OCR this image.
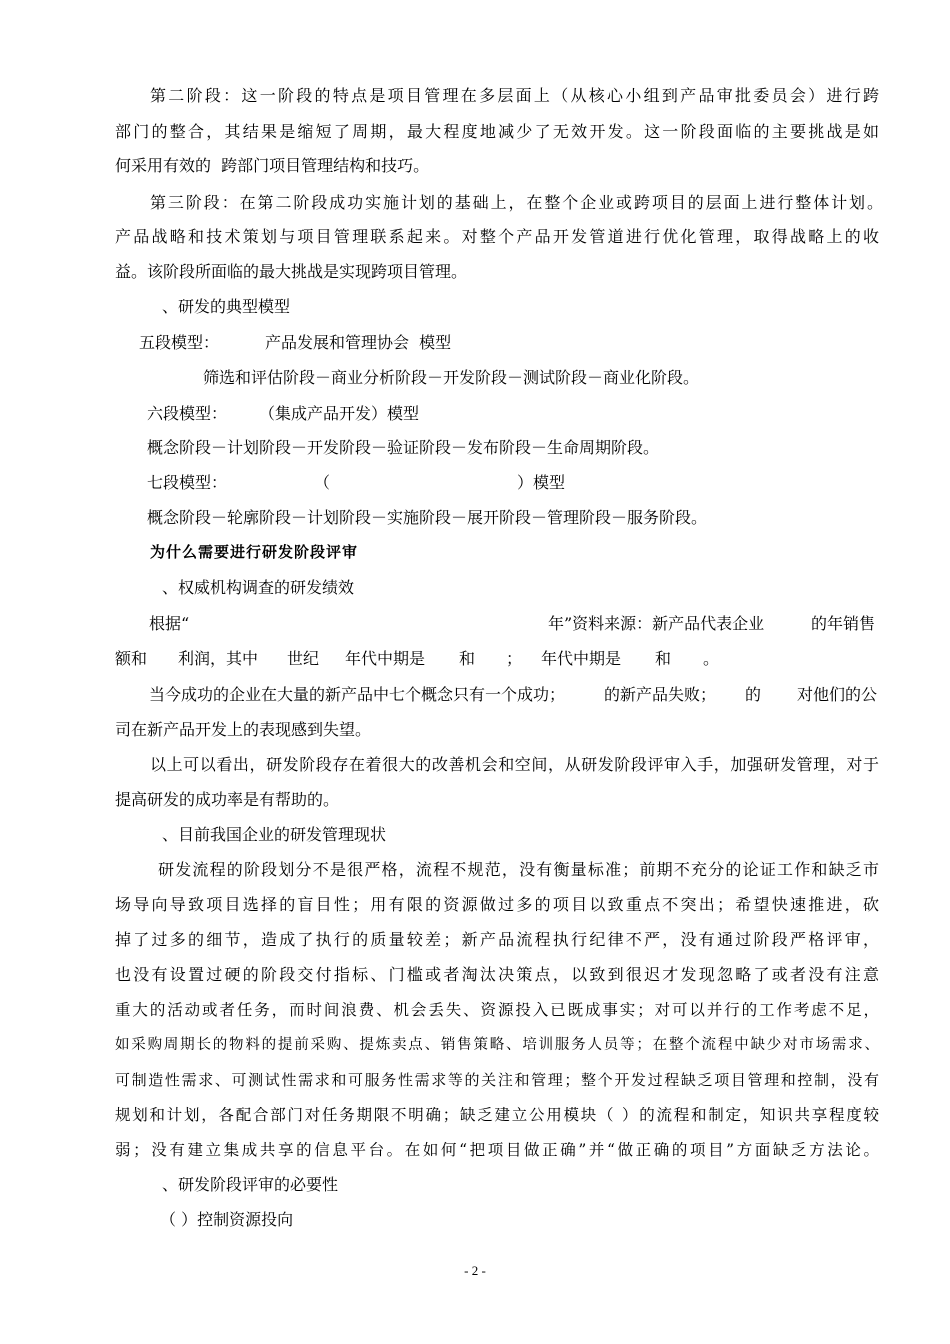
第二阶段：这一阶段的特点是项目管理在多层面上（从核心小组到产品审批委员会）进行跨
部门的整合，其结果是缩短了周期，最大程度地减少了无效开发。这一阶段面临的主要挑战是如
何采用有效的  跨部门项目管理结构和技巧。
第三阶段：在第二阶段成功实施计划的基础上，在整个企业或跨项目的层面上进行整体计划。
产品战略和技术策划与项目管理联系起来。对整个产品开发管道进行优化管理，取得战略上的收
益。该阶段所面临的最大挑战是实现跨项目管理。
、研发的典型模型
五段模型：	产品发展和管理协会  模型
筛选和评估阶段－商业分析阶段－开发阶段－测试阶段－商业化阶段。
六段模型： （集成产品开发）模型
概念阶段－计划阶段－开发阶段－验证阶段－发布阶段－生命周期阶段。
七段模型：	（	）模型
概念阶段－轮廓阶段－计划阶段－实施阶段－展开阶段－管理阶段－服务阶段。
为什么需要进行研发阶段评审
、权威机构调查的研发绩效
根据“	年”资料来源：新产品代表企业	的年销售
额和 利润，其中 世纪 年代中期是 和 ； 年代中期是 和 。
当今成功的企业在大量的新产品中七个概念只有一个成功； 的新产品失败； 的 对他们的公
司在新产品开发上的表现感到失望。
以上可以看出，研发阶段存在着很大的改善机会和空间，从研发阶段评审入手，加强研发管理，对于
提高研发的成功率是有帮助的。
、目前我国企业的研发管理现状
研发流程的阶段划分不是很严格，流程不规范，没有衡量标准；前期不充分的论证工作和缺乏市
场导向导致项目选择的盲目性；用有限的资源做过多的项目以致重点不突出；希望快速推进，砍
掉了过多的细节，造成了执行的质量较差；新产品流程执行纪律不严，没有通过阶段严格评审，
也没有设置过硬的阶段交付指标、门槛或者淘汰决策点，以致到很迟才发现忽略了或者没有注意
重大的活动或者任务，而时间浪费、机会丢失、资源投入已既成事实；对可以并行的工作考虑不足，
如采购周期长的物料的提前采购、提炼卖点、销售策略、培训服务人员等；在整个流程中缺少对市场需求、
可制造性需求、可测试性需求和可服务性需求等的关注和管理；整个开发过程缺乏项目管理和控制，没有
规划和计划，各配合部门对任务期限不明确；缺乏建立公用模块（ ）的流程和制定，知识共享程度较
弱；没有建立集成共享的信息平台。在如何“把项目做正确”并“做正确的项目”方面缺乏方法论。
、研发阶段评审的必要性
（ ）控制资源投向
- 2 -
